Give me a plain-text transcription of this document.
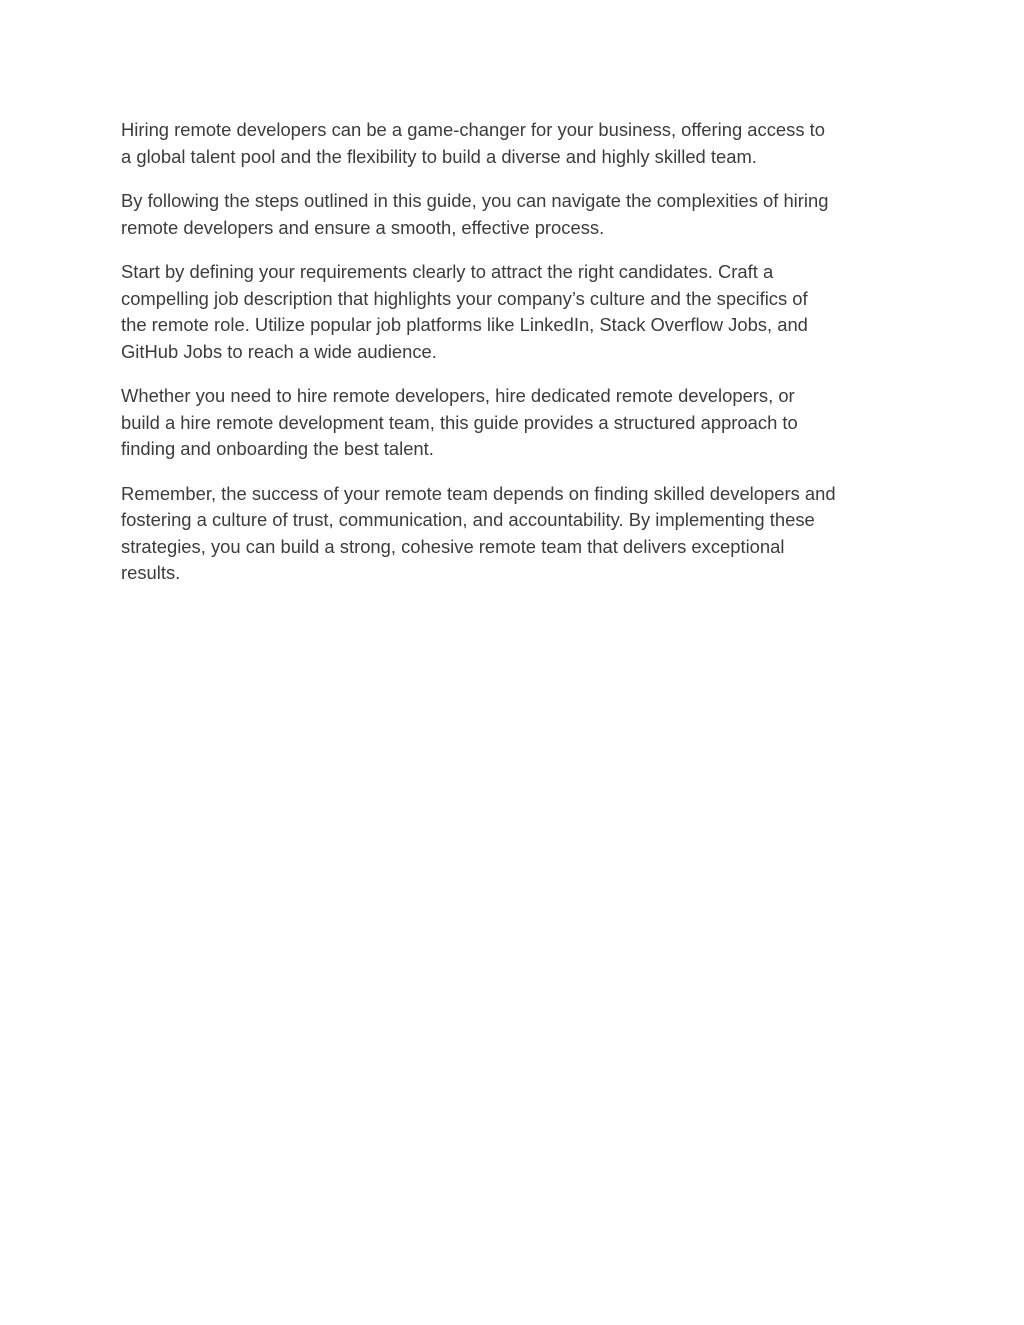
Hiring remote developers can be a game-changer for your business, offering access to
a global talent pool and the flexibility to build a diverse and highly skilled team.

By following the steps outlined in this guide, you can navigate the complexities of hiring
remote developers and ensure a smooth, effective process.

Start by defining your requirements clearly to attract the right candidates. Craft a
compelling job description that highlights your company’s culture and the specifics of
the remote role. Utilize popular job platforms like LinkedIn, Stack Overflow Jobs, and
GitHub Jobs to reach a wide audience.

Whether you need to hire remote developers, hire dedicated remote developers, or
build a hire remote development team, this guide provides a structured approach to
finding and onboarding the best talent.

Remember, the success of your remote team depends on finding skilled developers and
fostering a culture of trust, communication, and accountability. By implementing these
strategies, you can build a strong, cohesive remote team that delivers exceptional
results.
